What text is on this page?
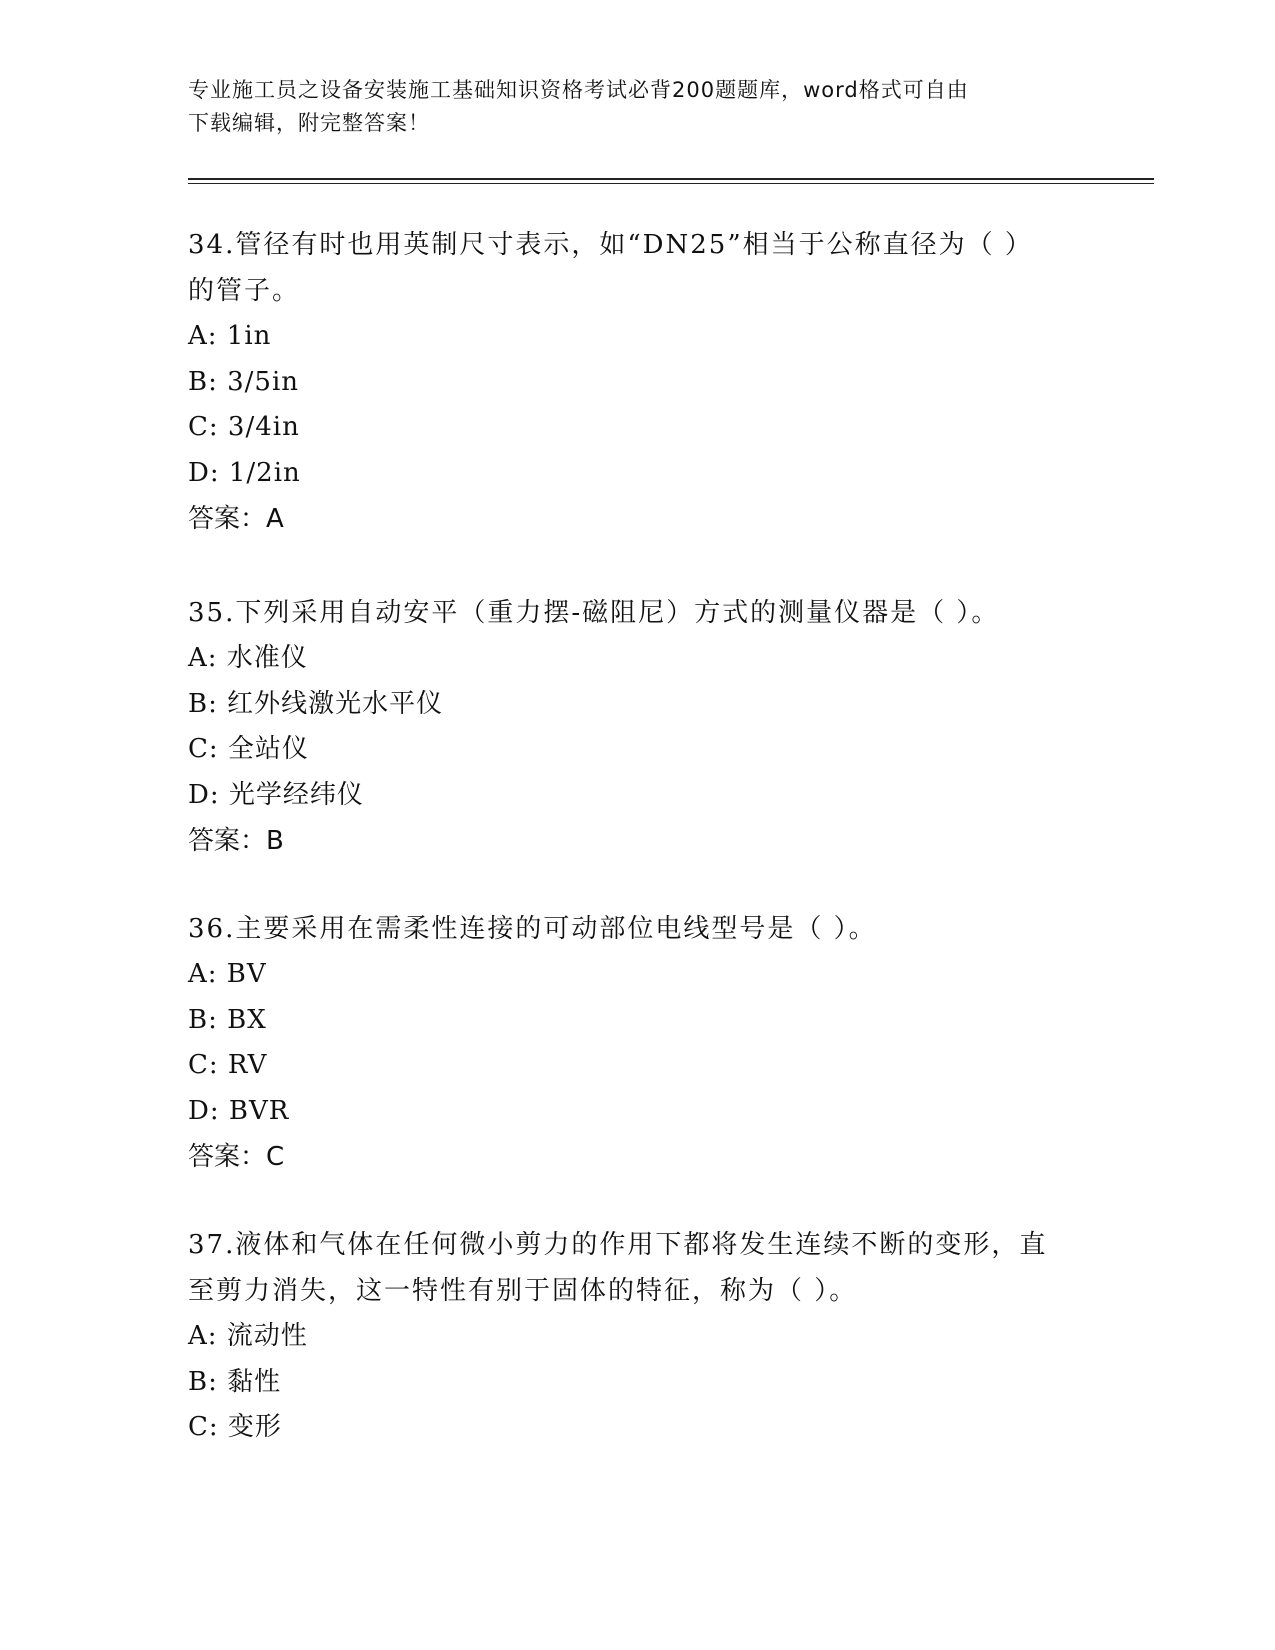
专业施工员之设备安装施工基础知识资格考试必背200题题库，word格式可自由
下载编辑，附完整答案！

34.管径有时也用英制尺寸表示，如“DN25”相当于公称直径为（ ）

的管子。

A: 1in

B: 3/5in

C: 3/4in

D: 1/2in

答案：A

35.下列采用自动安平（重力摆-磁阻尼）方式的测量仪器是（ ）。

A: 水准仪

B: 红外线激光水平仪

C: 全站仪

D: 光学经纬仪

答案：B

36.主要采用在需柔性连接的可动部位电线型号是（ ）。

A: BV

B: BX

C: RV

D: BVR

答案：C

37.液体和气体在任何微小剪力的作用下都将发生连续不断的变形，直

至剪力消失，这一特性有别于固体的特征，称为（ ）。

A: 流动性

B: 黏性

C: 变形
